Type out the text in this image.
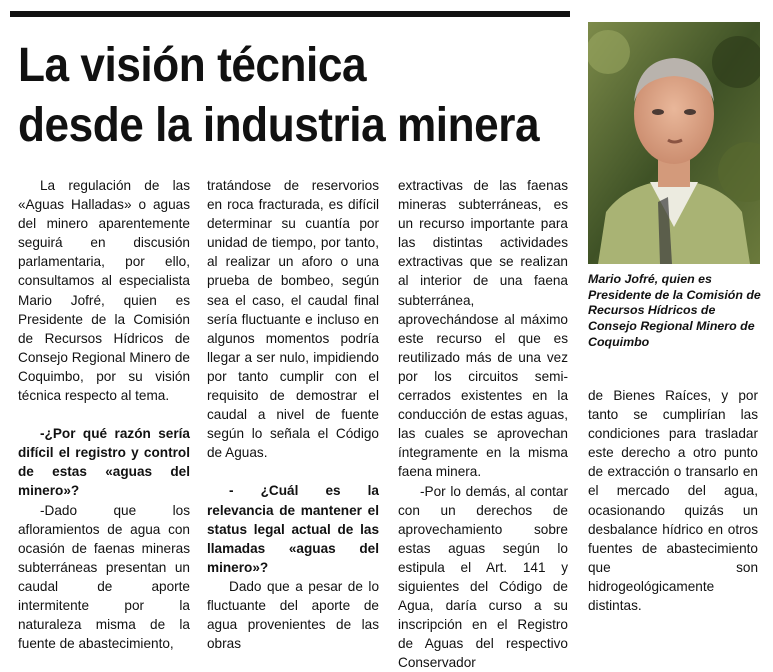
La visión técnica
desde la industria minera

La regulación de las «Aguas Halladas» o aguas del minero aparentemente seguirá en discusión parlamentaria, por ello, consultamos al especialista Mario Jofré, quien es Presidente de la Comisión de Recursos Hídricos de Consejo Regional Minero de Coquimbo, por su visión técnica respecto al tema.

-¿Por qué razón sería difícil el registro y control de estas «aguas del minero»?

-Dado que los afloramientos de agua con ocasión de faenas mineras subterráneas presentan un caudal de aporte intermitente por la naturaleza misma de la fuente de abastecimiento,

tratándose de reservorios en roca fracturada, es difícil determinar su cuantía por unidad de tiempo, por tanto, al realizar un aforo o una prueba de bombeo, según sea el caso, el caudal final sería fluctuante e incluso en algunos momentos podría llegar a ser nulo, impidiendo por tanto cumplir con el requisito de demostrar el caudal a nivel de fuente según lo señala el Código de Aguas.

- ¿Cuál es la relevancia de mantener el status legal actual de las llamadas «aguas del minero»?

Dado que a pesar de lo fluctuante del aporte de agua provenientes de las obras

extractivas de las faenas mineras subterráneas, es un recurso importante para las distintas actividades extractivas que se realizan al interior de una faena subterránea, aprovechándose al máximo este recurso el que es reutilizado más de una vez por los circuitos semi-cerrados existentes en la conducción de estas aguas, las cuales se aprovechan íntegramente en la misma faena minera.

-Por lo demás, al contar con un derechos de aprovechamiento sobre estas aguas según lo estipula el Art. 141 y siguientes del Código de Agua, daría curso a su inscripción en el Registro de Aguas del respectivo Conservador

Mario Jofré, quien es Presidente de la Comisión de Recursos Hídricos de Consejo Regional Minero de Coquimbo

de Bienes Raíces, y por tanto se cumplirían las condiciones para trasladar este derecho a otro punto de extracción o transarlo en el mercado del agua, ocasionando quizás un desbalance hídrico en otros fuentes de abastecimiento que son hidrogeológicamente distintas.
